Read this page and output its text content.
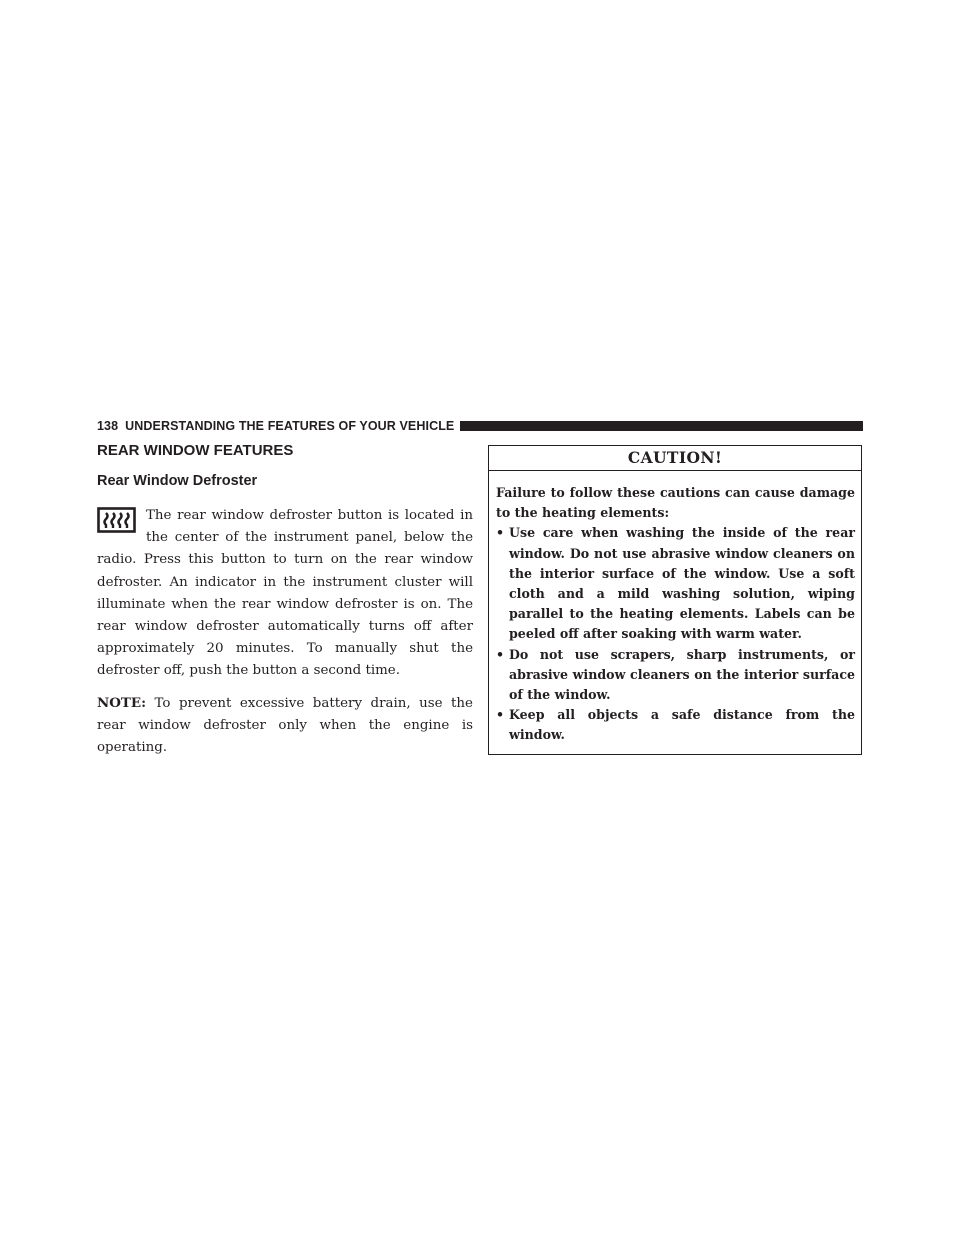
138 UNDERSTANDING THE FEATURES OF YOUR VEHICLE
REAR WINDOW FEATURES
Rear Window Defroster

The rear window defroster button is located in the center of the instrument panel, below the radio. Press this button to turn on the rear window defroster. An indicator in the instrument cluster will illuminate when the rear window defroster is on. The rear window defroster automatically turns off after approximately 20 minutes. To manually shut the defroster off, push the button a second time.

NOTE: To prevent excessive battery drain, use the rear window defroster only when the engine is operating.

CAUTION!

Failure to follow these cautions can cause damage to the heating elements:

• Use care when washing the inside of the rear window. Do not use abrasive window cleaners on the interior surface of the window. Use a soft cloth and a mild washing solution, wiping parallel to the heating elements. Labels can be peeled off after soaking with warm water.
• Do not use scrapers, sharp instruments, or abrasive window cleaners on the interior surface of the window.
• Keep all objects a safe distance from the window.
